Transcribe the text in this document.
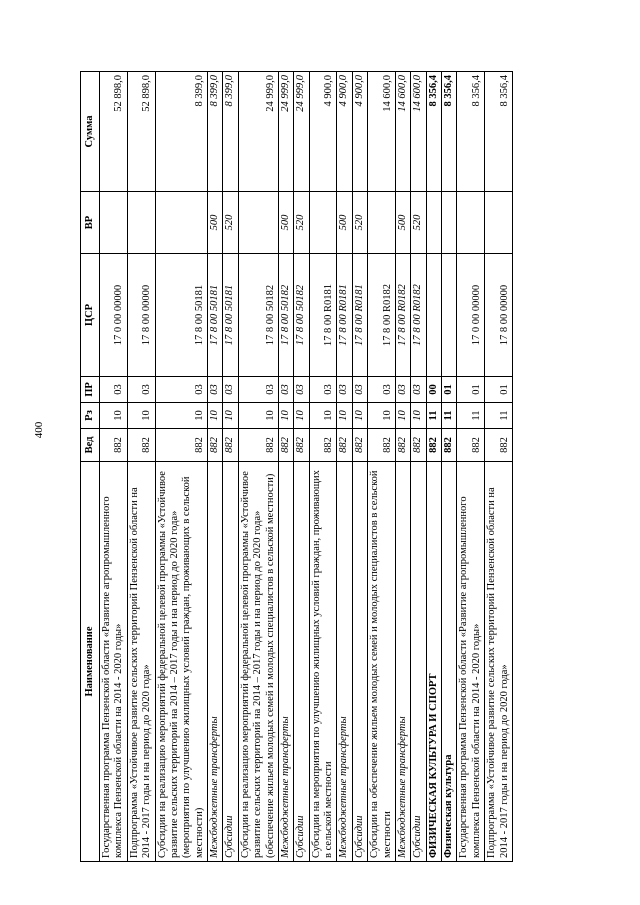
400
Наименование	Вед	Рз	ПР	ЦСР	ВР	Сумма
Государственная программа Пензенской области «Развитие агропромышленного комплекса Пензенской области на 2014 - 2020 годы»	882	10	03	17 0 00 00000		52 898,0
Подпрограмма «Устойчивое развитие сельских территорий Пензенской области на 2014 - 2017 годы и на период до 2020 года»	882	10	03	17 8 00 00000		52 898,0
Субсидии на реализацию мероприятий федеральной целевой программы «Устойчивое развитие сельских территорий на 2014 – 2017 годы и на период до 2020 года» (мероприятия по улучшению жилищных условий граждан, проживающих в сельской местности)	882	10	03	17 8 00 50181		8 399,0
Межбюджетные трансферты	882	10	03	17 8 00 50181	500	8 399,0
Субсидии	882	10	03	17 8 00 50181	520	8 399,0
Субсидии на реализацию мероприятий федеральной целевой программы «Устойчивое развитие сельских территорий на 2014 – 2017 годы и на период до 2020 года» (обеспечение жильем молодых семей и молодых специалистов в сельской местности)	882	10	03	17 8 00 50182		24 999,0
Межбюджетные трансферты	882	10	03	17 8 00 50182	500	24 999,0
Субсидии	882	10	03	17 8 00 50182	520	24 999,0
Субсидии на мероприятия по улучшению жилищных условий граждан, проживающих в сельской местности	882	10	03	17 8 00 R0181		4 900,0
Межбюджетные трансферты	882	10	03	17 8 00 R0181	500	4 900,0
Субсидии	882	10	03	17 8 00 R0181	520	4 900,0
Субсидии на обеспечение жильем молодых семей и молодых специалистов в сельской местности	882	10	03	17 8 00 R0182		14 600,0
Межбюджетные трансферты	882	10	03	17 8 00 R0182	500	14 600,0
Субсидии	882	10	03	17 8 00 R0182	520	14 600,0
ФИЗИЧЕСКАЯ КУЛЬТУРА И СПОРТ	882	11	00			8 356,4
Физическая культура	882	11	01			8 356,4
Государственная программа Пензенской области «Развитие агропромышленного комплекса Пензенской области на 2014 - 2020 годы»	882	11	01	17 0 00 00000		8 356,4
Подпрограмма «Устойчивое развитие сельских территорий Пензенской области на 2014 - 2017 годы и на период до 2020 года»	882	11	01	17 8 00 00000		8 356,4
